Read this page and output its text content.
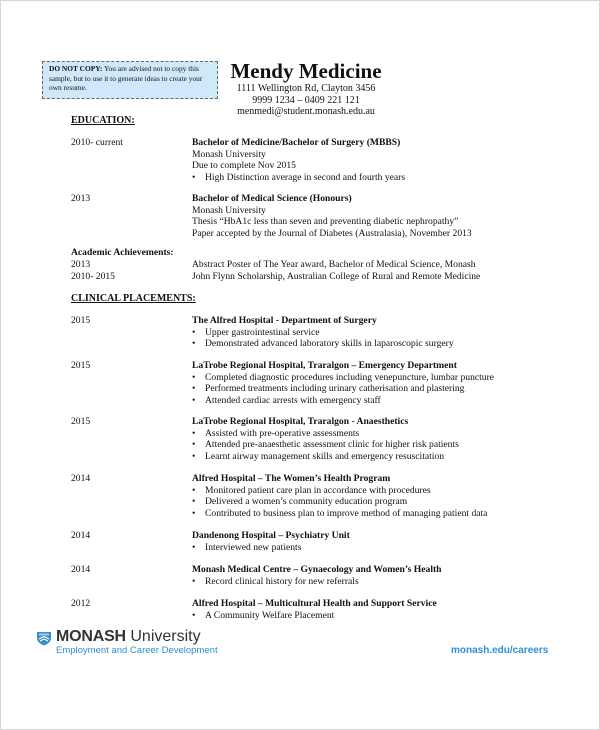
DO NOT COPY: You are advised not to copy this sample, but to use it to generate ideas to create your own resume.
Mendy Medicine
1111 Wellington Rd, Clayton 3456
9999 1234 – 0409 221 121
menmedi@student.monash.edu.au
EDUCATION:
2010- current	Bachelor of Medicine/Bachelor of Surgery (MBBS)
Monash University
Due to complete Nov 2015
• High Distinction average in second and fourth years
2013	Bachelor of Medical Science (Honours)
Monash University
Thesis “HbA1c less than seven and preventing diabetic nephropathy”
Paper accepted by the Journal of Diabetes (Australasia), November 2013
Academic Achievements:
2013	Abstract Poster of The Year award, Bachelor of Medical Science, Monash
2010- 2015	John Flynn Scholarship, Australian College of Rural and Remote Medicine
CLINICAL PLACEMENTS:
2015	The Alfred Hospital - Department of Surgery
• Upper gastrointestinal service
• Demonstrated advanced laboratory skills in laparoscopic surgery
2015	LaTrobe Regional Hospital, Traralgon – Emergency Department
• Completed diagnostic procedures including venepuncture, lumbar puncture
• Performed treatments including urinary catherisation and plastering
• Attended cardiac arrests with emergency staff
2015	LaTrobe Regional Hospital, Traralgon - Anaesthetics
• Assisted with pre-operative assessments
• Attended pre-anaesthetic assessment clinic for higher risk patients
• Learnt airway management skills and emergency resuscitation
2014	Alfred Hospital – The Women’s Health Program
• Monitored patient care plan in accordance with procedures
• Delivered a women’s community education program
• Contributed to business plan to improve method of managing patient data
2014	Dandenong Hospital – Psychiatry Unit
• Interviewed new patients
2014	Monash Medical Centre – Gynaecology and Women’s Health
• Record clinical history for new referrals
2012	Alfred Hospital – Multicultural Health and Support Service
• A Community Welfare Placement
MONASH University
Employment and Career Development	monash.edu/careers
